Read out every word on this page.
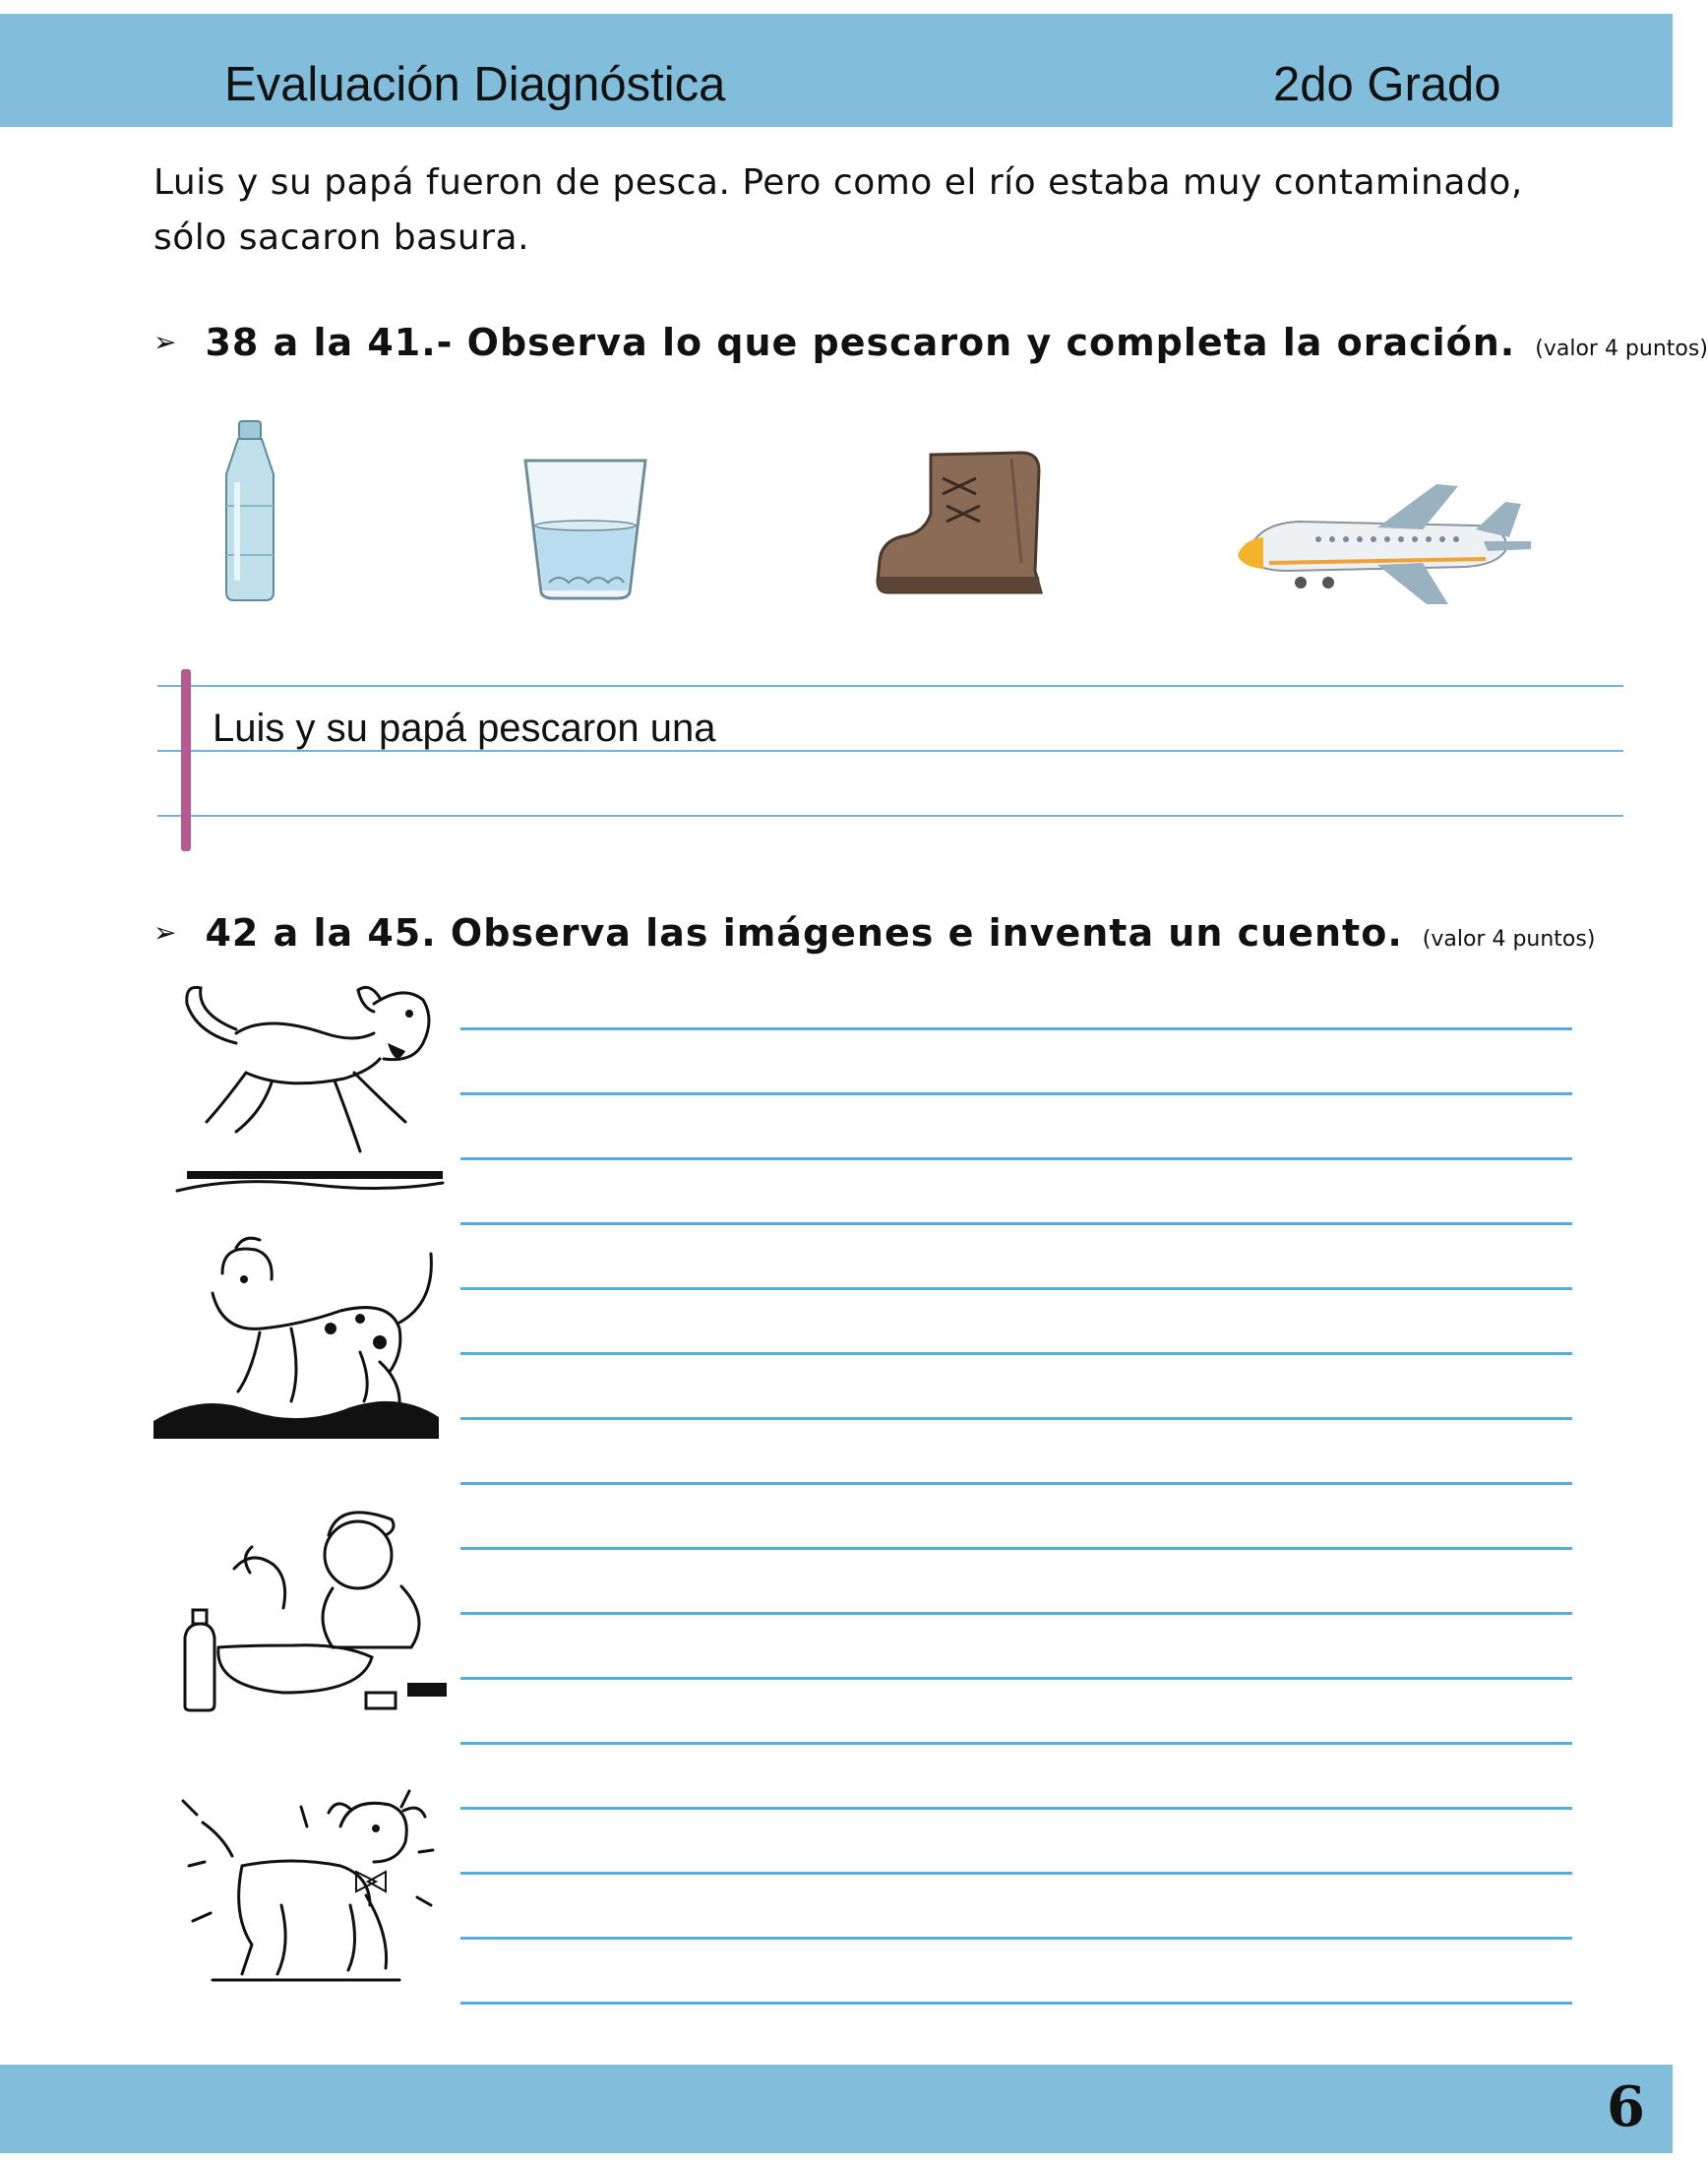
Evaluación Diagnóstica	2do Grado

Luis y su papá fueron de pesca. Pero como el río estaba muy contaminado, sólo sacaron basura.

➢ 38 a la 41.- Observa lo que pescaron y completa la oración. (valor 4 puntos)
Luis y su papá pescaron una
➢ 42 a la 45. Observa las imágenes e inventa un cuento. (valor 4 puntos)
6
